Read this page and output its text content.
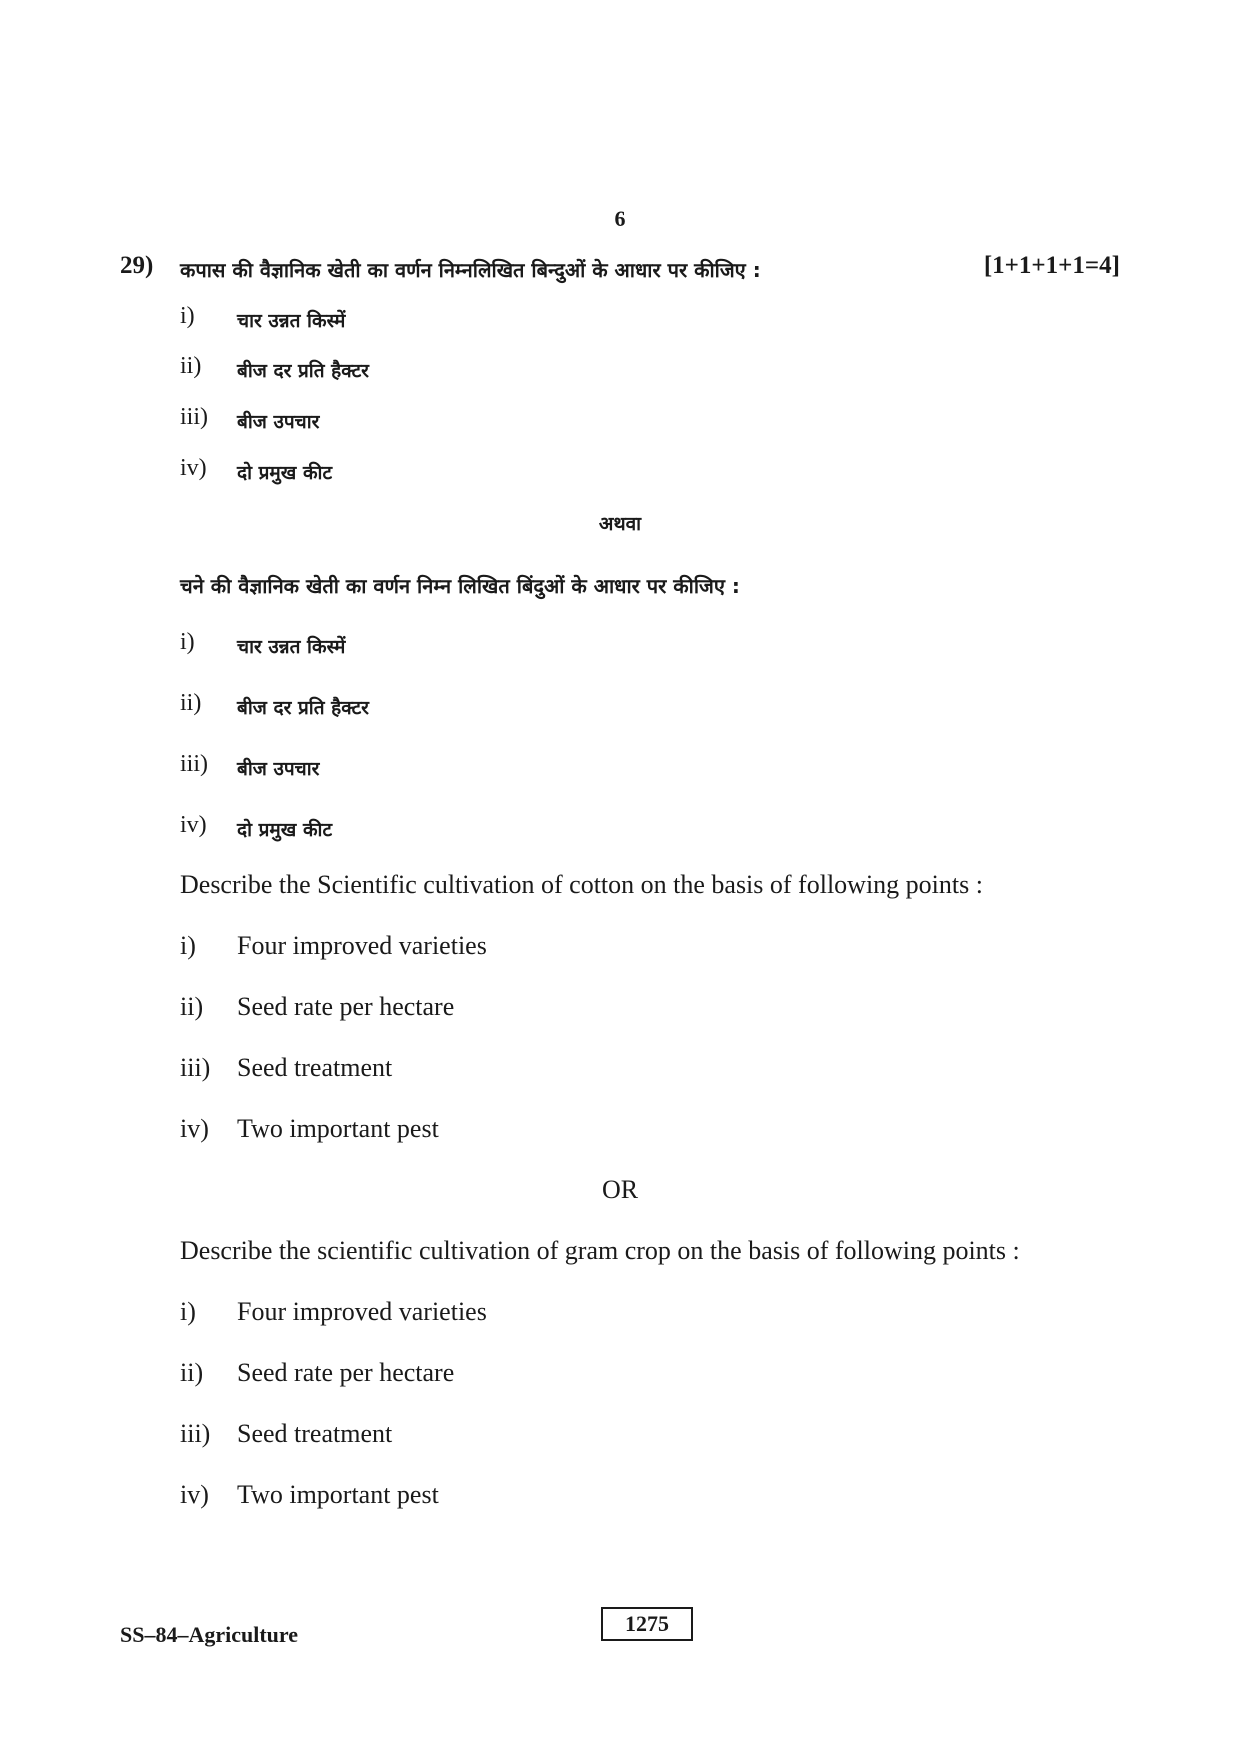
6
29) कपास की वैज्ञानिक खेती का वर्णन निम्नलिखित बिन्दुओं के आधार पर कीजिए :	[1+1+1+1=4]
i)	चार उन्नत किस्में
ii)	बीज दर प्रति हैक्टर
iii)	बीज उपचार
iv)	दो प्रमुख कीट
अथवा
चने की वैज्ञानिक खेती का वर्णन निम्न लिखित बिंदुओं के आधार पर कीजिए :
i)	चार उन्नत किस्में
ii)	बीज दर प्रति हैक्टर
iii)	बीज उपचार
iv)	दो प्रमुख कीट
Describe the Scientific cultivation of cotton on the basis of following points :
i)	Four improved varieties
ii)	Seed rate per hectare
iii)	Seed treatment
iv)	Two important pest
OR
Describe the scientific cultivation of gram crop on the basis of following points :
i)	Four improved varieties
ii)	Seed rate per hectare
iii)	Seed treatment
iv)	Two important pest
SS–84–Agriculture	1275
